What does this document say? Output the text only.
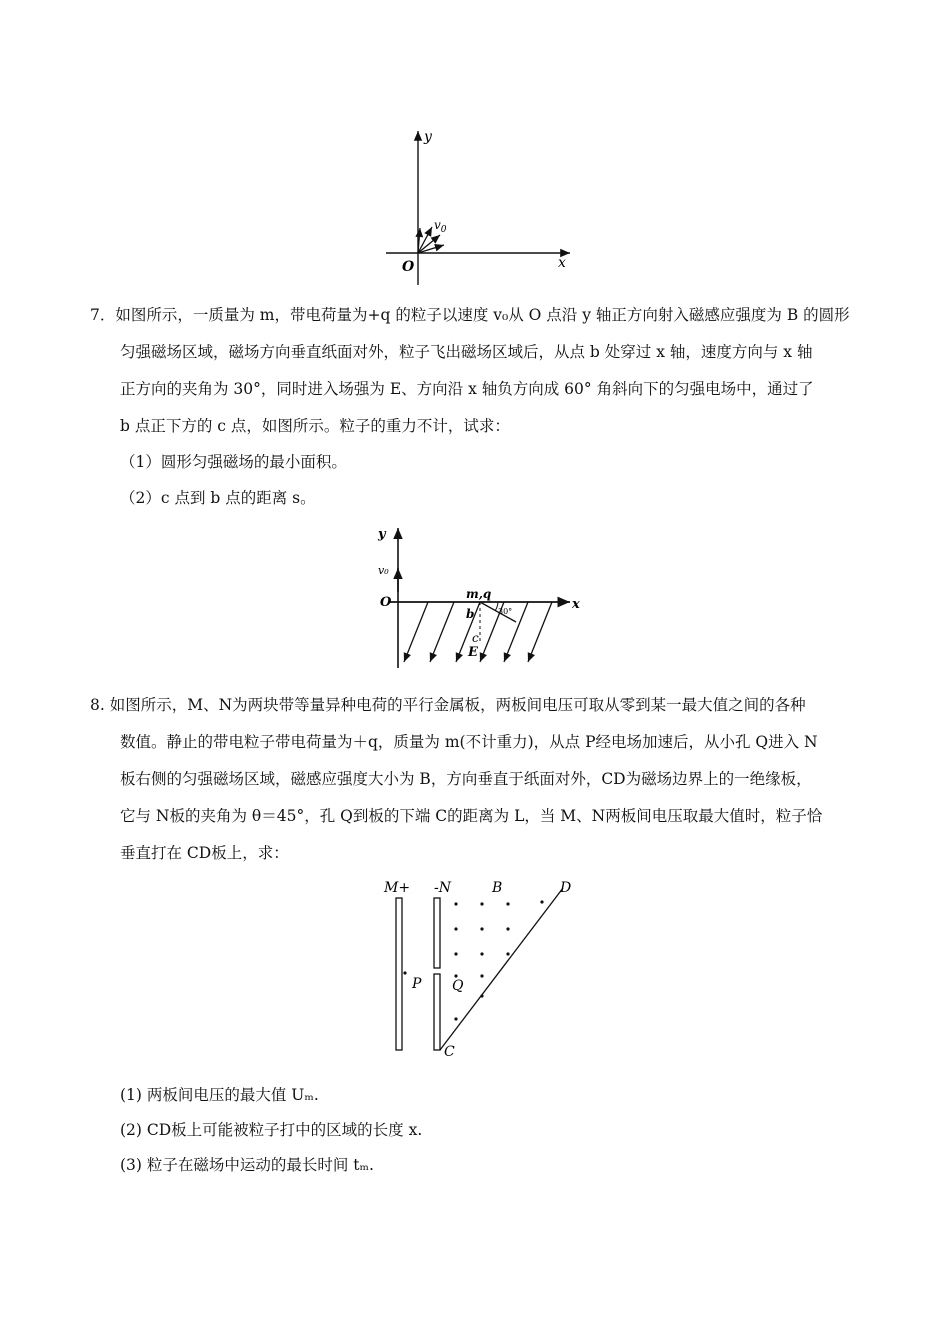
y
x
O
$v_0$
7．如图所示，一质量为 m，带电荷量为+q 的粒子以速度 v₀从 O 点沿 y 轴正方向射入磁感应强度为 B 的圆形
匀强磁场区域，磁场方向垂直纸面对外，粒子飞出磁场区域后，从点 b 处穿过 x 轴，速度方向与 x 轴
正方向的夹角为 30°，同时进入场强为 E、方向沿 x 轴负方向成 60° 角斜向下的匀强电场中，通过了
b 点正下方的 c 点，如图所示。粒子的重力不计，试求：
（1）圆形匀强磁场的最小面积。
（2）c 点到 b 点的距离 s。
y
v₀
O	x
m,q
b	30°
c
E
8. 如图所示，M、N为两块带等量异种电荷的平行金属板，两板间电压可取从零到某一最大值之间的各种
数值。静止的带电粒子带电荷量为＋q，质量为 m(不计重力)，从点 P经电场加速后，从小孔 Q进入 N
板右侧的匀强磁场区域，磁感应强度大小为 B，方向垂直于纸面对外，CD为磁场边界上的一绝缘板，
它与 N板的夹角为 θ＝45°，孔 Q到板的下端 C的距离为 L，当 M、N两板间电压取最大值时，粒子恰
垂直打在 CD板上，求：
M+ -N	B	D
P Q
C
(1) 两板间电压的最大值 Uₘ.
(2) CD板上可能被粒子打中的区域的长度 x.
(3) 粒子在磁场中运动的最长时间 tₘ.
